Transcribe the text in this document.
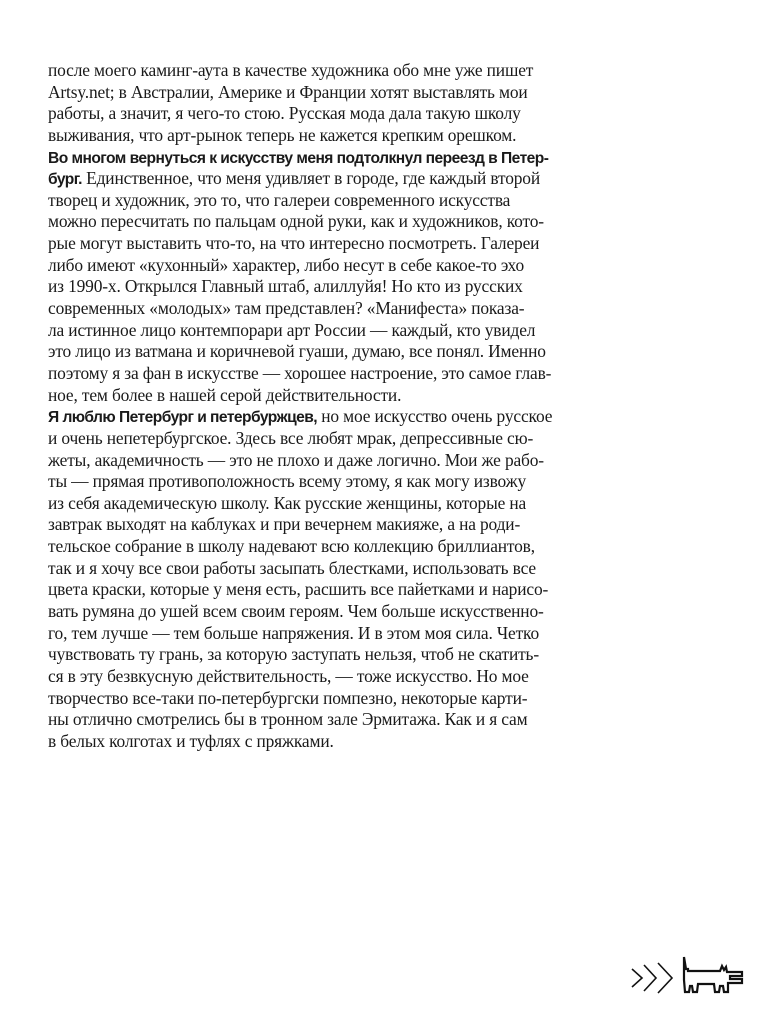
после моего каминг-аута в качестве художника обо мне уже пишет
Artsy.net; в Австралии, Америке и Франции хотят выставлять мои
работы, а значит, я чего-то стою. Русская мода дала такую школу
выживания, что арт-рынок теперь не кажется крепким орешком.
Во многом вернуться к искусству меня подтолкнул переезд в Петер-
бург. Единственное, что меня удивляет в городе, где каждый второй
творец и художник, это то, что галереи современного искусства
можно пересчитать по пальцам одной руки, как и художников, кото-
рые могут выставить что-то, на что интересно посмотреть. Галереи
либо имеют «кухонный» характер, либо несут в себе какое-то эхо
из 1990-х. Открылся Главный штаб, алиллуйя! Но кто из русских
современных «молодых» там представлен? «Манифеста» показа-
ла истинное лицо контемпорари арт России — каждый, кто увидел
это лицо из ватмана и коричневой гуаши, думаю, все понял. Именно
поэтому я за фан в искусстве — хорошее настроение, это самое глав-
ное, тем более в нашей серой действительности.
Я люблю Петербург и петербуржцев, но мое искусство очень русское
и очень непетербургское. Здесь все любят мрак, депрессивные сю-
жеты, академичность — это не плохо и даже логично. Мои же рабо-
ты — прямая противоположность всему этому, я как могу извожу
из себя академическую школу. Как русские женщины, которые на
завтрак выходят на каблуках и при вечернем макияже, а на роди-
тельское собрание в школу надевают всю коллекцию бриллиантов,
так и я хочу все свои работы засыпать блестками, использовать все
цвета краски, которые у меня есть, расшить все пайетками и нарисо-
вать румяна до ушей всем своим героям. Чем больше искусственно-
го, тем лучше — тем больше напряжения. И в этом моя сила. Четко
чувствовать ту грань, за которую заступать нельзя, чтоб не скатить-
ся в эту безвкусную действительность, — тоже искусство. Но мое
творчество все-таки по-петербургски помпезно, некоторые карти-
ны отлично смотрелись бы в тронном зале Эрмитажа. Как и я сам
в белых колготах и туфлях с пряжками.
